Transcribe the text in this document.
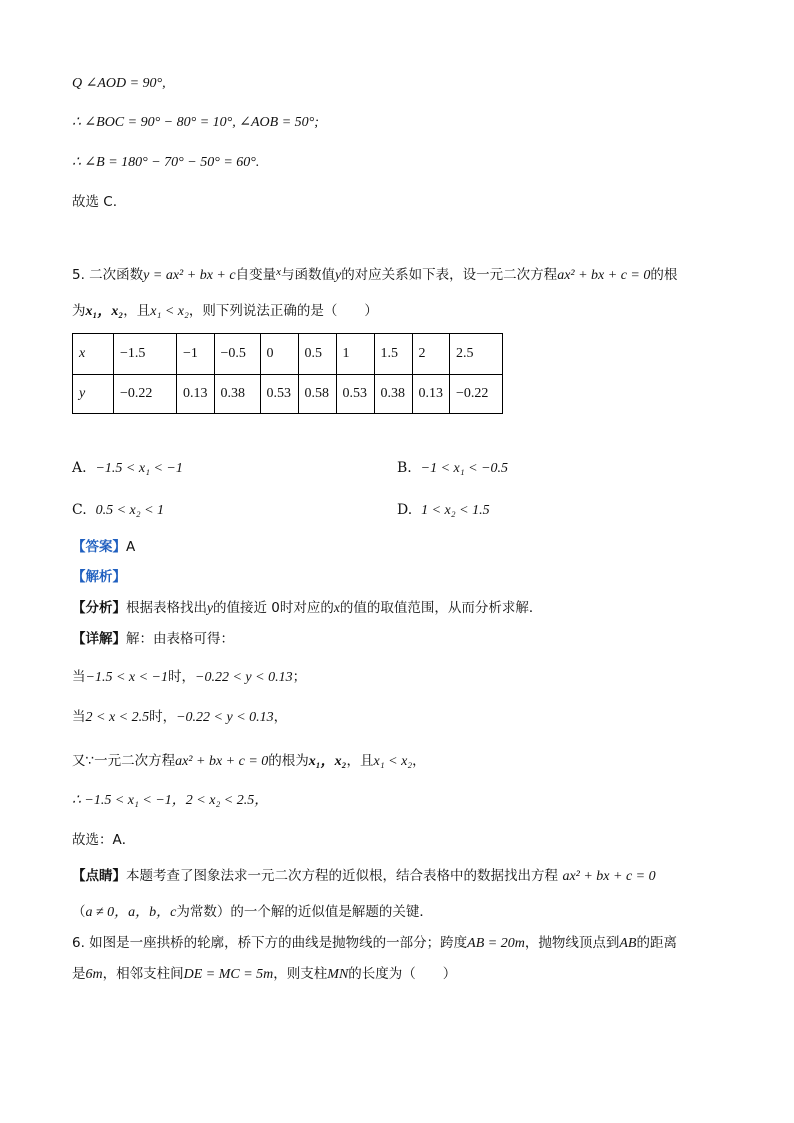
Q ∠AOD = 90°,
∴ ∠BOC = 90° − 80° = 10°, ∠AOB = 50°;
∴ ∠B = 180° − 70° − 50° = 60°.
故选 C.
5. 二次函数y = ax² + bx + c自变量$^x$与函数值y的对应关系如下表，设一元二次方程ax² + bx + c = 0的根
为x₁，x₂，且x₁ < x₂，则下列说法正确的是（　　）
x	−1.5	−1	−0.5	0	0.5	1	1.5	2	2.5
y	−0.22	0.13	0.38	0.53	0.58	0.53	0.38	0.13	−0.22
A. −1.5 < x₁ < −1	B. −1 < x₁ < −0.5
C. 0.5 < x₂ < 1	D. 1 < x₂ < 1.5
【答案】A
【解析】
【分析】根据表格找出y的值接近 0时对应的x的值的取值范围，从而分析求解．
【详解】解：由表格可得：
当−1.5 < x < −1时，−0.22 < y < 0.13；
当2 < x < 2.5时，−0.22 < y < 0.13，
又∵一元二次方程ax² + bx + c = 0的根为x₁，x₂，且x₁ < x₂，
∴ −1.5 < x₁ < −1，2 < x₂ < 2.5，
故选：A．
【点睛】本题考查了图象法求一元二次方程的近似根，结合表格中的数据找出方程 ax² + bx + c = 0
（a ≠ 0，a，b，c为常数）的一个解的近似值是解题的关键．
6. 如图是一座拱桥的轮廓，桥下方的曲线是抛物线的一部分；跨度AB = 20m，抛物线顶点到AB的距离
是6m，相邻支柱间DE = MC = 5m，则支柱MN的长度为（　　）
